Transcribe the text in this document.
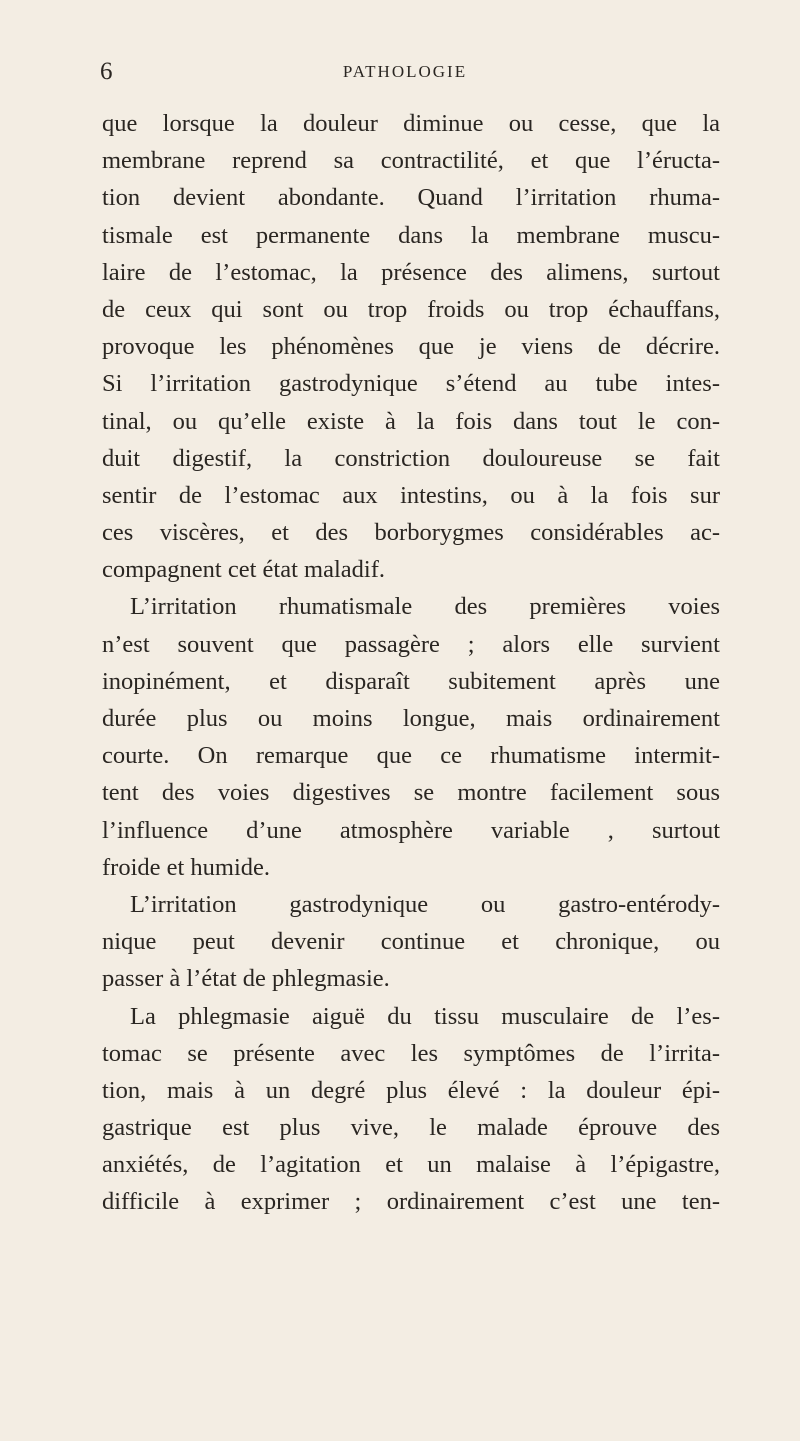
6	PATHOLOGIE
que lorsque la douleur diminue ou cesse, que la
membrane reprend sa contractilité, et que l’éructa-
tion devient abondante. Quand l’irritation rhuma-
tismale est permanente dans la membrane muscu-
laire de l’estomac, la présence des alimens, surtout
de ceux qui sont ou trop froids ou trop échauffans,
provoque les phénomènes que je viens de décrire.
Si l’irritation gastrodynique s’étend au tube intes-
tinal, ou qu’elle existe à la fois dans tout le con-
duit digestif, la constriction douloureuse se fait
sentir de l’estomac aux intestins, ou à la fois sur
ces viscères, et des borborygmes considérables ac-
compagnent cet état maladif.
L’irritation rhumatismale des premières voies
n’est souvent que passagère ; alors elle survient
inopinément, et disparaît subitement après une
durée plus ou moins longue, mais ordinairement
courte. On remarque que ce rhumatisme intermit-
tent des voies digestives se montre facilement sous
l’influence d’une atmosphère variable , surtout
froide et humide.
L’irritation gastrodynique ou gastro-entérody-
nique peut devenir continue et chronique, ou
passer à l’état de phlegmasie.
La phlegmasie aiguë du tissu musculaire de l’es-
tomac se présente avec les symptômes de l’irrita-
tion, mais à un degré plus élevé : la douleur épi-
gastrique est plus vive, le malade éprouve des
anxiétés, de l’agitation et un malaise à l’épigastre,
difficile à exprimer ; ordinairement c’est une ten-
